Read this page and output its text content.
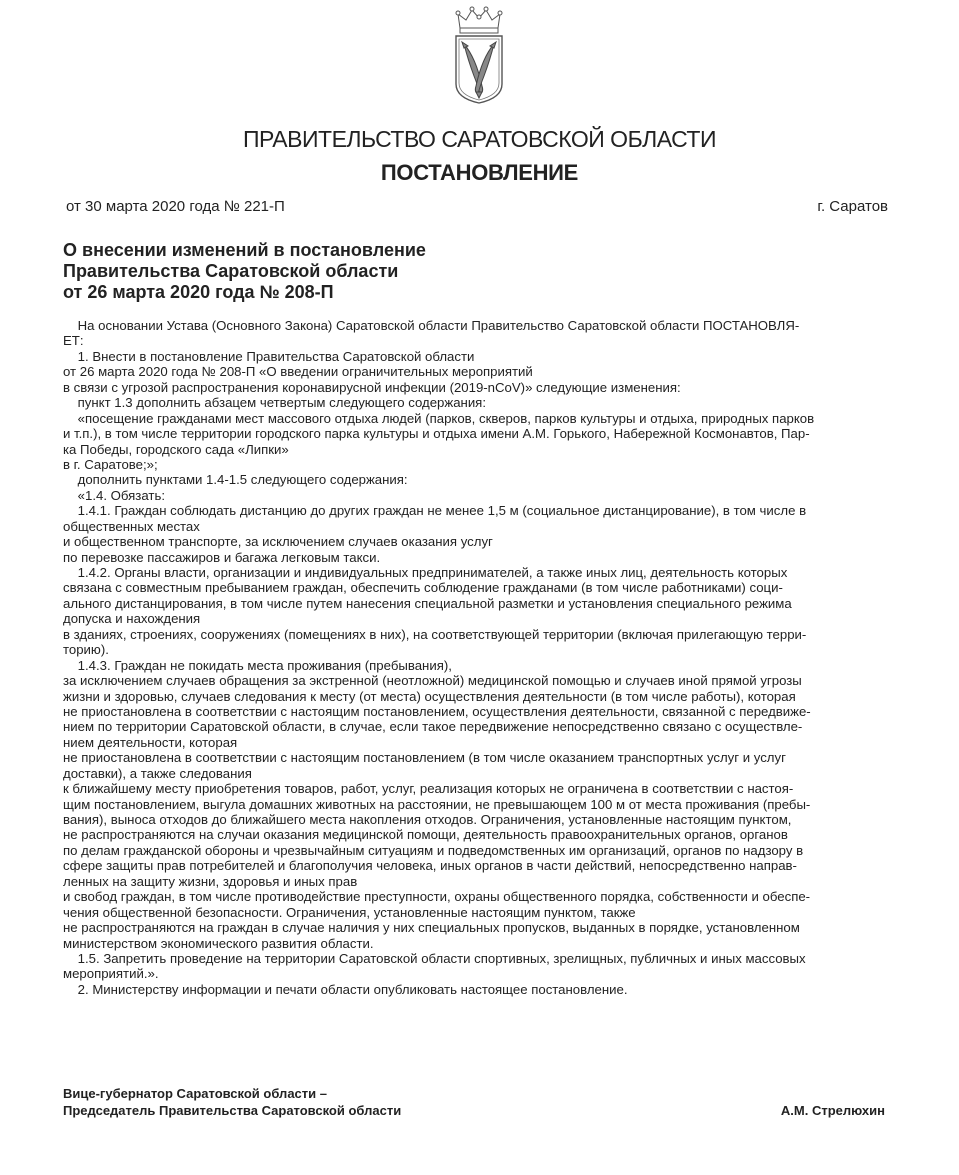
ПРАВИТЕЛЬСТВО САРАТОВСКОЙ ОБЛАСТИ
ПОСТАНОВЛЕНИЕ
от 30 марта 2020 года № 221-П	г. Саратов
О внесении изменений в постановление
Правительства Саратовской области
от 26 марта 2020 года № 208-П
На основании Устава (Основного Закона) Саратовской области Правительство Саратовской области ПОСТАНОВЛЯ-
ЕТ:
1. Внести в постановление Правительства Саратовской области
от 26 марта 2020 года № 208-П «О введении ограничительных мероприятий
в связи с угрозой распространения коронавирусной инфекции (2019-nCoV)» следующие изменения:
пункт 1.3 дополнить абзацем четвертым следующего содержания:
«посещение гражданами мест массового отдыха людей (парков, скверов, парков культуры и отдыха, природных парков
и т.п.), в том числе территории городского парка культуры и отдыха имени А.М. Горького, Набережной Космонавтов, Пар-
ка Победы, городского сада «Липки»
в г. Саратове;»;
дополнить пунктами 1.4-1.5 следующего содержания:
«1.4. Обязать:
1.4.1. Граждан соблюдать дистанцию до других граждан не менее 1,5 м (социальное дистанцирование), в том числе в
общественных местах
и общественном транспорте, за исключением случаев оказания услуг
по перевозке пассажиров и багажа легковым такси.
1.4.2. Органы власти, организации и индивидуальных предпринимателей, а также иных лиц, деятельность которых
связана с совместным пребыванием граждан, обеспечить соблюдение гражданами (в том числе работниками) соци-
ального дистанцирования, в том числе путем нанесения специальной разметки и установления специального режима
допуска и нахождения
в зданиях, строениях, сооружениях (помещениях в них), на соответствующей территории (включая прилегающую терри-
торию).
1.4.3. Граждан не покидать места проживания (пребывания),
за исключением случаев обращения за экстренной (неотложной) медицинской помощью и случаев иной прямой угрозы
жизни и здоровью, случаев следования к месту (от места) осуществления деятельности (в том числе работы), которая
не приостановлена в соответствии с настоящим постановлением, осуществления деятельности, связанной с передвиже-
нием по территории Саратовской области, в случае, если такое передвижение непосредственно связано с осуществле-
нием деятельности, которая
не приостановлена в соответствии с настоящим постановлением (в том числе оказанием транспортных услуг и услуг
доставки), а также следования
к ближайшему месту приобретения товаров, работ, услуг, реализация которых не ограничена в соответствии с настоя-
щим постановлением, выгула домашних животных на расстоянии, не превышающем 100 м от места проживания (пребы-
вания), выноса отходов до ближайшего места накопления отходов. Ограничения, установленные настоящим пунктом,
не распространяются на случаи оказания медицинской помощи, деятельность правоохранительных органов, органов
по делам гражданской обороны и чрезвычайным ситуациям и подведомственных им организаций, органов по надзору в
сфере защиты прав потребителей и благополучия человека, иных органов в части действий, непосредственно направ-
ленных на защиту жизни, здоровья и иных прав
и свобод граждан, в том числе противодействие преступности, охраны общественного порядка, собственности и обеспе-
чения общественной безопасности. Ограничения, установленные настоящим пунктом, также
не распространяются на граждан в случае наличия у них специальных пропусков, выданных в порядке, установленном
министерством экономического развития области.
1.5. Запретить проведение на территории Саратовской области спортивных, зрелищных, публичных и иных массовых
мероприятий.».
2. Министерству информации и печати области опубликовать настоящее постановление.
Вице-губернатор Саратовской области –
Председатель Правительства Саратовской области	А.М. Стрелюхин
